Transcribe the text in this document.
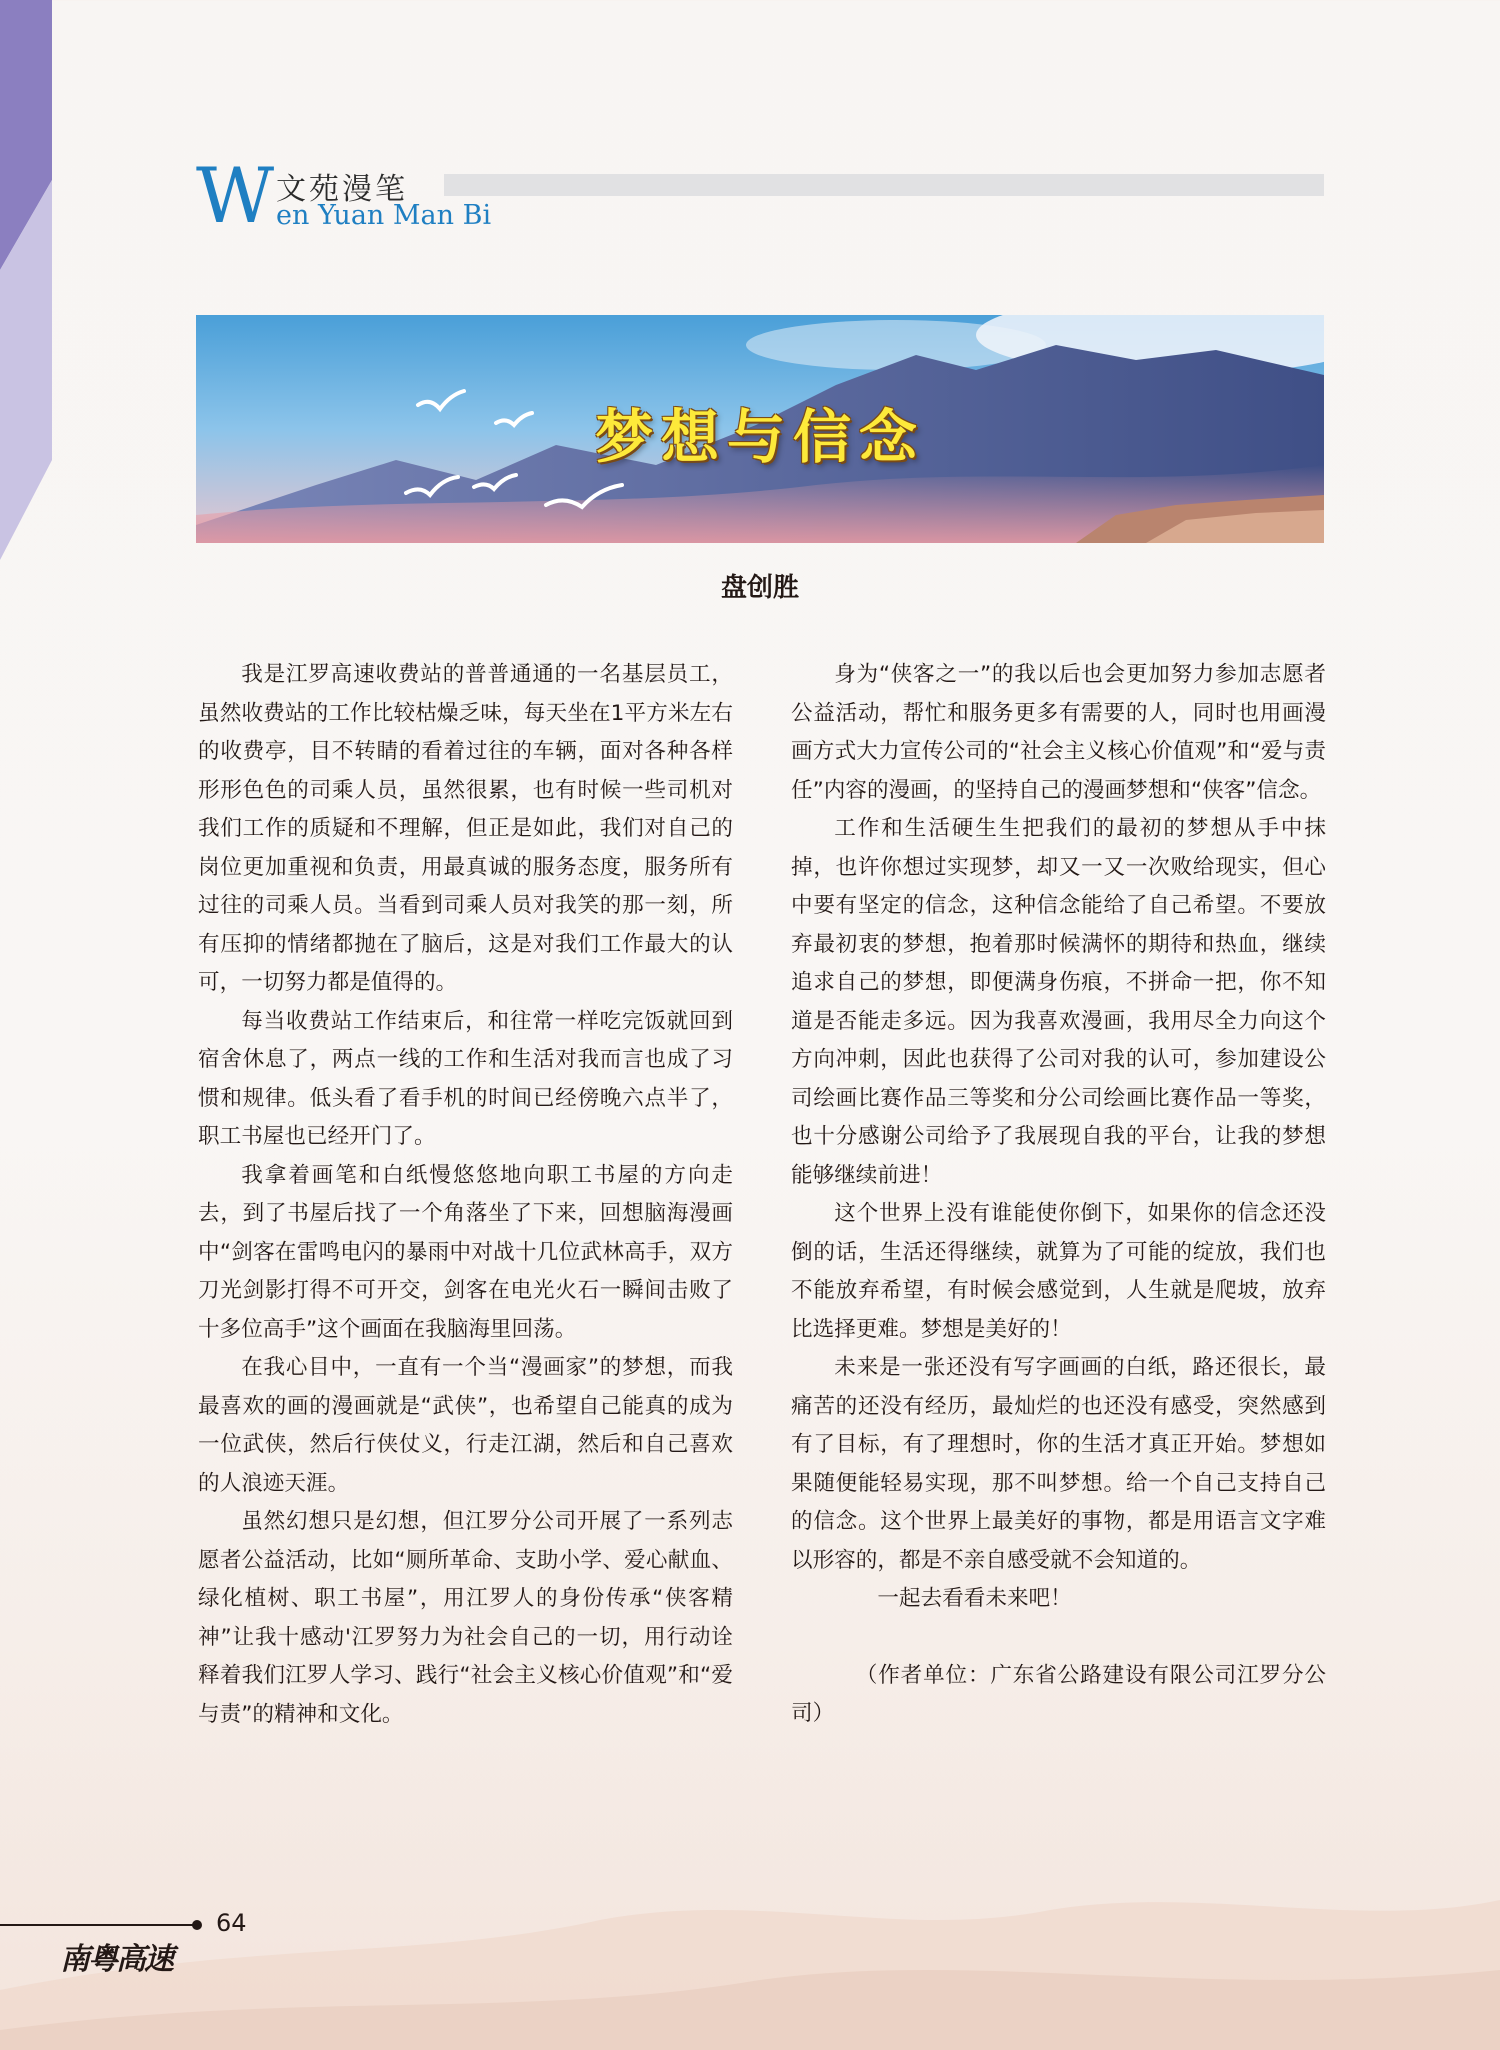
W 文苑漫笔
en Yuan Man Bi
梦想与信念
盘创胜

我是江罗高速收费站的普普通通的一名基层员工，虽然收费站的工作比较枯燥乏味，每天坐在1平方米左右的收费亭，目不转睛的看着过往的车辆，面对各种各样形形色色的司乘人员，虽然很累，也有时候一些司机对我们工作的质疑和不理解，但正是如此，我们对自己的岗位更加重视和负责，用最真诚的服务态度，服务所有过往的司乘人员。当看到司乘人员对我笑的那一刻，所有压抑的情绪都抛在了脑后，这是对我们工作最大的认可，一切努力都是值得的。

每当收费站工作结束后，和往常一样吃完饭就回到宿舍休息了，两点一线的工作和生活对我而言也成了习惯和规律。低头看了看手机的时间已经傍晚六点半了，职工书屋也已经开门了。

我拿着画笔和白纸慢悠悠地向职工书屋的方向走去，到了书屋后找了一个角落坐了下来，回想脑海漫画中“剑客在雷鸣电闪的暴雨中对战十几位武林高手，双方刀光剑影打得不可开交，剑客在电光火石一瞬间击败了十多位高手”这个画面在我脑海里回荡。

在我心目中，一直有一个当“漫画家”的梦想，而我最喜欢的画的漫画就是“武侠”，也希望自己能真的成为一位武侠，然后行侠仗义，行走江湖，然后和自己喜欢的人浪迹天涯。

虽然幻想只是幻想，但江罗分公司开展了一系列志愿者公益活动，比如“厕所革命、支助小学、爱心献血、绿化植树、职工书屋”，用江罗人的身份传承“侠客精神”让我十感动'江罗努力为社会自己的一切，用行动诠释着我们江罗人学习、践行“社会主义核心价值观”和“爱与责”的精神和文化。

身为“侠客之一”的我以后也会更加努力参加志愿者公益活动，帮忙和服务更多有需要的人，同时也用画漫画方式大力宣传公司的“社会主义核心价值观”和“爱与责任”内容的漫画，的坚持自己的漫画梦想和“侠客”信念。

工作和生活硬生生把我们的最初的梦想从手中抹掉，也许你想过实现梦，却又一又一次败给现实，但心中要有坚定的信念，这种信念能给了自己希望。不要放弃最初衷的梦想，抱着那时候满怀的期待和热血，继续追求自己的梦想，即便满身伤痕，不拼命一把，你不知道是否能走多远。因为我喜欢漫画，我用尽全力向这个方向冲刺，因此也获得了公司对我的认可，参加建设公司绘画比赛作品三等奖和分公司绘画比赛作品一等奖，也十分感谢公司给予了我展现自我的平台，让我的梦想能够继续前进！

这个世界上没有谁能使你倒下，如果你的信念还没倒的话，生活还得继续，就算为了可能的绽放，我们也不能放弃希望，有时候会感觉到，人生就是爬坡，放弃比选择更难。梦想是美好的！

未来是一张还没有写字画画的白纸，路还很长，最痛苦的还没有经历，最灿烂的也还没有感受，突然感到有了目标，有了理想时，你的生活才真正开始。梦想如果随便能轻易实现，那不叫梦想。给一个自己支持自己的信念。这个世界上最美好的事物，都是用语言文字难以形容的，都是不亲自感受就不会知道的。

一起去看看未来吧！

（作者单位：广东省公路建设有限公司江罗分公司）

64
南粤高速
